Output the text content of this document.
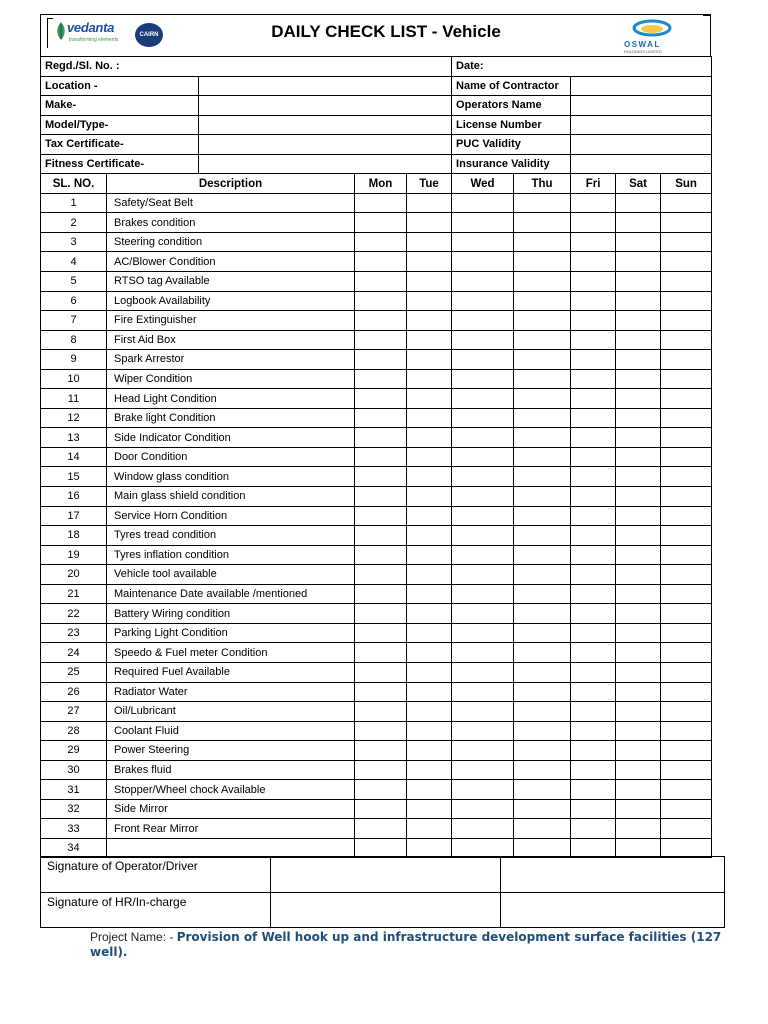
vedanta
transforming elements
CAIRN	DAILY CHECK LIST - Vehicle
OSWAL
HOLDINGS LIMITED
Regd./Sl. No. :					Date:				
Location -					Name of Contractor				
Make-					Operators Name				
Model/Type-					License Number				
Tax Certificate-					PUC Validity				
Fitness Certificate-					Insurance Validity				
SL. NO.	Description		Mon	Tue	Wed	Thu	Fri	Sat	Sun
1	Safety/Seat Belt								
2	Brakes condition								
3	Steering condition								
4	AC/Blower Condition								
5	RTSO tag Available								
6	Logbook Availability								
7	Fire Extinguisher								
8	First Aid Box								
9	Spark Arrestor								
10	Wiper Condition								
11	Head Light Condition								
12	Brake light Condition								
13	Side Indicator Condition								
14	Door Condition								
15	Window glass condition								
16	Main glass shield condition								
17	Service Horn Condition								
18	Tyres tread condition								
19	Tyres inflation condition								
20	Vehicle tool available								
21	Maintenance Date available /mentioned								
22	Battery Wiring condition								
23	Parking Light Condition								
24	Speedo & Fuel meter Condition								
25	Required Fuel Available								
26	Radiator Water								
27	Oil/Lubricant								
28	Coolant Fluid								
29	Power Steering								
30	Brakes fluid								
31	Stopper/Wheel chock Available								
32	Side Mirror								
33	Front Rear Mirror								
34									
Signature of Operator/Driver		
Signature of HR/In-charge		
Project Name: - Provision of Well hook up and infrastructure development surface facilities (127 well).
